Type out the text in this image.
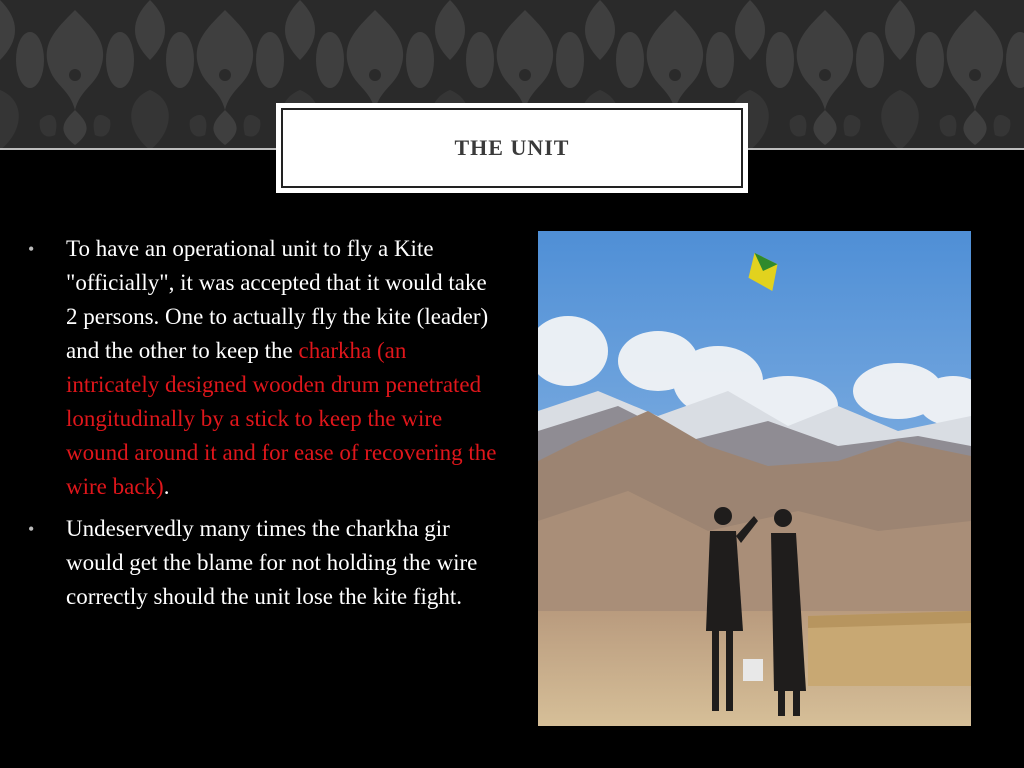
THE UNIT
• To have an operational unit to fly a Kite "officially", it was accepted that it would take 2 persons. One to actually fly the kite (leader) and the other to keep the charkha (an intricately designed wooden drum penetrated longitudinally by a stick to keep the wire wound around it and for ease of recovering the wire back).
• Undeservedly many times the charkha gir would get the blame for not holding the wire correctly should the unit lose the kite fight.
